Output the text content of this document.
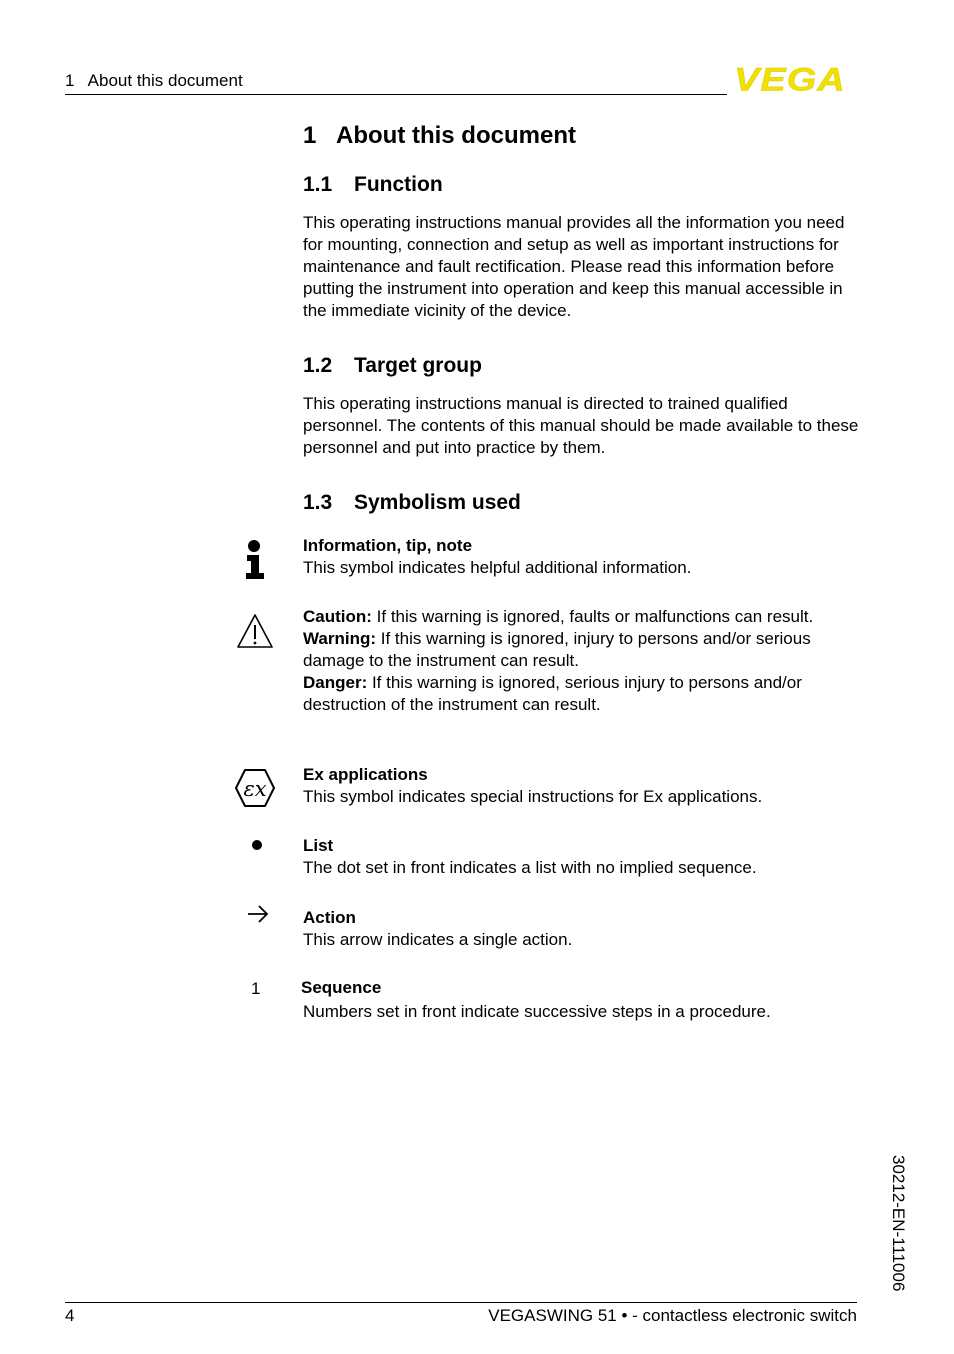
1   About this document	VEGA
1 About this document
1.1 Function
This operating instructions manual provides all the information you need for mounting, connection and setup as well as important instructions for maintenance and fault rectification. Please read this information before putting the instrument into operation and keep this manual accessible in the immediate vicinity of the device.
1.2 Target group
This operating instructions manual is directed to trained qualified personnel. The contents of this manual should be made available to these personnel and put into practice by them.
1.3 Symbolism used
Information, tip, note
This symbol indicates helpful additional information.
Caution: If this warning is ignored, faults or malfunctions can result.
Warning: If this warning is ignored, injury to persons and/or serious damage to the instrument can result.
Danger: If this warning is ignored, serious injury to persons and/or destruction of the instrument can result.
εx
Ex applications
This symbol indicates special instructions for Ex applications.
List
The dot set in front indicates a list with no implied sequence.
Action
This arrow indicates a single action.
1 Sequence
Numbers set in front indicate successive steps in a procedure.
30212-EN-111006
4	VEGASWING 51 • - contactless electronic switch
